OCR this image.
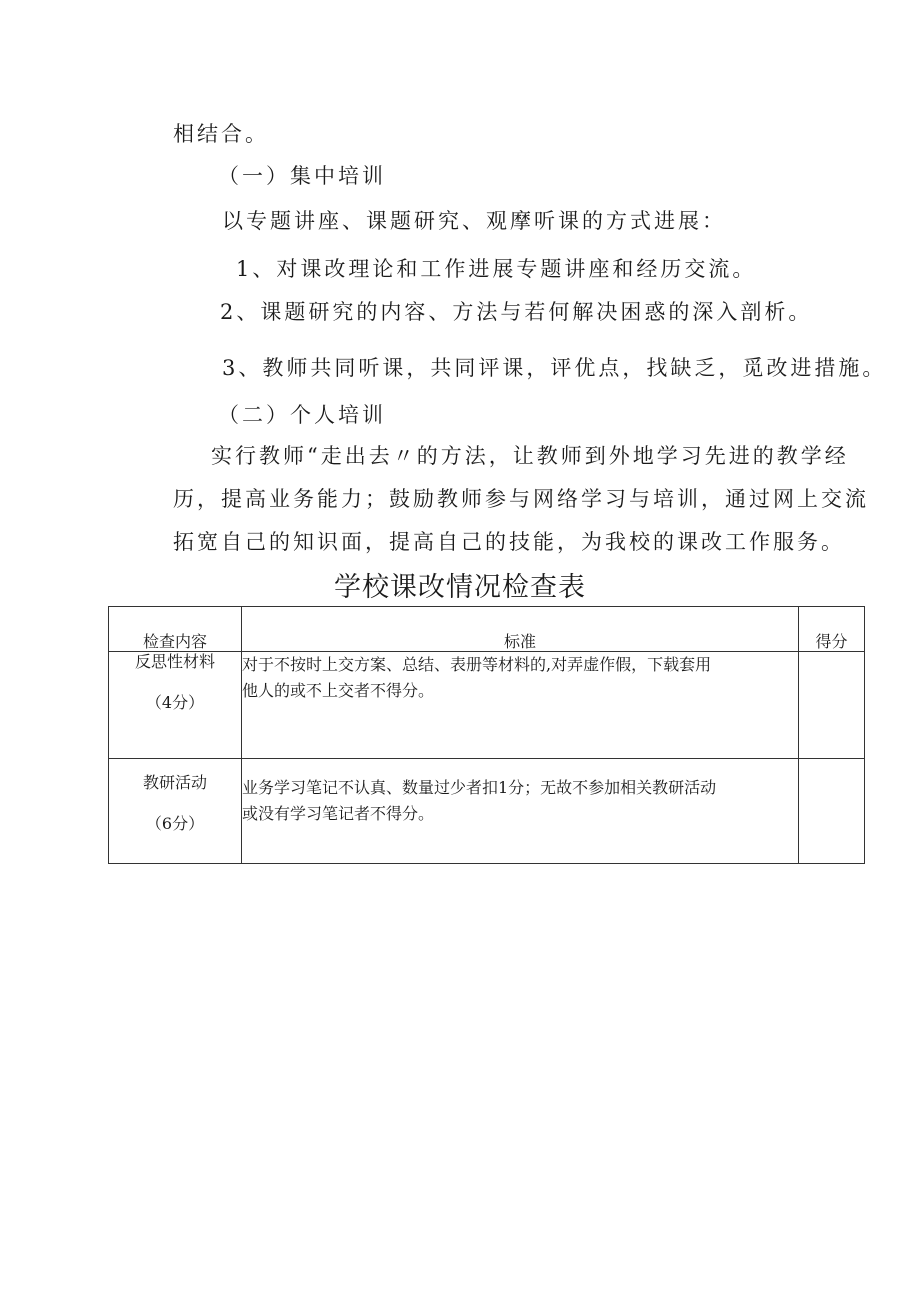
相结合。
（一）集中培训
以专题讲座、课题研究、观摩听课的方式进展：
1、对课改理论和工作进展专题讲座和经历交流。
2、课题研究的内容、方法与若何解决困惑的深入剖析。
3、教师共同听课，共同评课，评优点，找缺乏，觅改进措施。
（二）个人培训
实行教师“走出去〃的方法，让教师到外地学习先进的教学经
历，提高业务能力；鼓励教师参与网络学习与培训，通过网上交流
拓宽自己的知识面，提高自己的技能，为我校的课改工作服务。
学校课改情况检查表
检查内容	标准	得分

反思性材料
（4分）	对于不按时上交方案、总结、表册等材料的,对弄虚作假，下载套用
他人的或不上交者不得分。	

教研活动
（6分）	业务学习笔记不认真、数量过少者扣1分；无故不参加相关教研活动
或没有学习笔记者不得分。	
